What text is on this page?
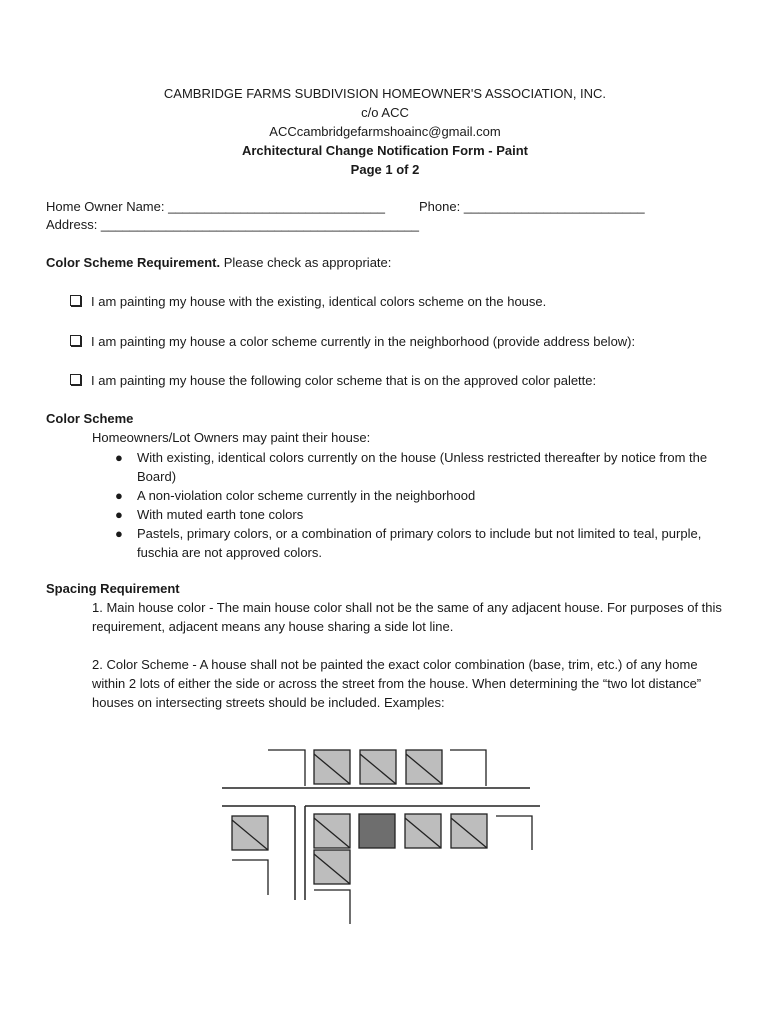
CAMBRIDGE FARMS SUBDIVISION HOMEOWNER'S ASSOCIATION, INC.
c/o ACC
ACCcambridgefarmshoainc@gmail.com
Architectural Change Notification Form - Paint
Page 1 of 2
Home Owner Name: ______________________________	Phone: _________________________
Address: ____________________________________________
Color Scheme Requirement. Please check as appropriate:
I am painting my house with the existing, identical colors scheme on the house.
I am painting my house a color scheme currently in the neighborhood (provide address below):
I am painting my house the following color scheme that is on the approved color palette:
Color Scheme
Homeowners/Lot Owners may paint their house:
● With existing, identical colors currently on the house (Unless restricted thereafter by notice from the Board)
● A non-violation color scheme currently in the neighborhood
● With muted earth tone colors
● Pastels, primary colors, or a combination of primary colors to include but not limited to teal, purple, fuschia are not approved colors.
Spacing Requirement
1. Main house color - The main house color shall not be the same of any adjacent house. For purposes of this requirement, adjacent means any house sharing a side lot line.
2. Color Scheme - A house shall not be painted the exact color combination (base, trim, etc.) of any home within 2 lots of either the side or across the street from the house. When determining the “two lot distance” houses on intersecting streets should be included. Examples:
